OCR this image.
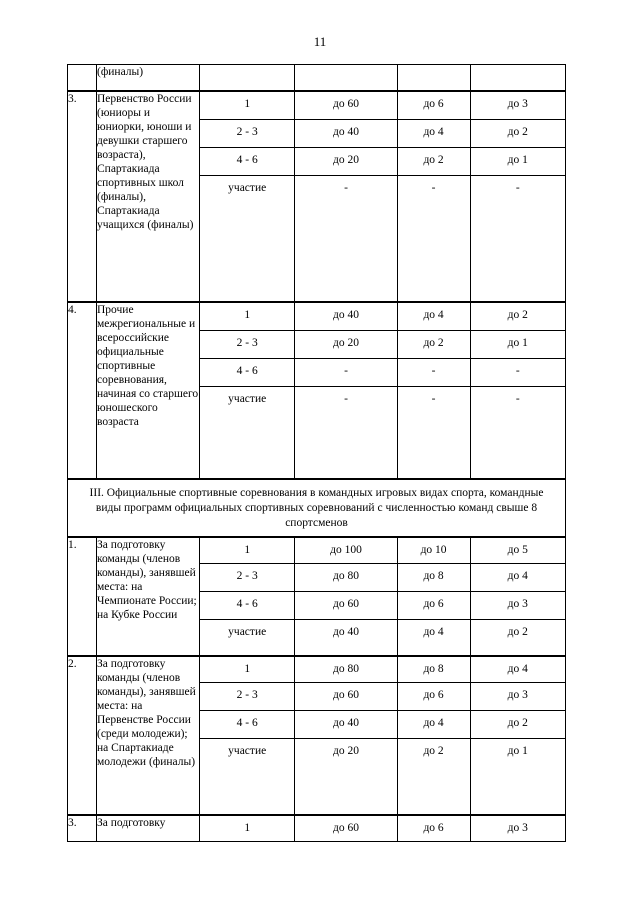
11
	(финалы)	

3.	Первенство России (юниоры и юниорки, юноши и девушки старшего возраста), Спартакиада спортивных школ (финалы), Спартакиада учащихся (финалы)	
1	до 60	до 6	до 3
2 - 3	до 40	до 4	до 2
4 - 6	до 20	до 2	до 1
участие	-	-	-

4.	Прочие межрегиональные и всероссийские официальные спортивные соревнования, начиная со старшего юношеского возраста	
1	до 40	до 4	до 2
2 - 3	до 20	до 2	до 1
4 - 6	-	-	-
участие	-	-	-

III. Официальные спортивные соревнования в командных игровых видах спорта, командные виды программ официальных спортивных соревнований с численностью команд свыше 8 спортсменов
1.	За подготовку команды (членов команды), занявшей места: на Чемпионате России; на Кубке России	
1	до 100	до 10	до 5
2 - 3	до 80	до 8	до 4
4 - 6	до 60	до 6	до 3
участие	до 40	до 4	до 2

2.	За подготовку команды (членов команды), занявшей места: на Первенстве России (среди молодежи); на Спартакиаде молодежи (финалы)	
1	до 80	до 8	до 4
2 - 3	до 60	до 6	до 3
4 - 6	до 40	до 4	до 2
участие	до 20	до 2	до 1

3.	За подготовку		1	до 60	до 6	до 3
